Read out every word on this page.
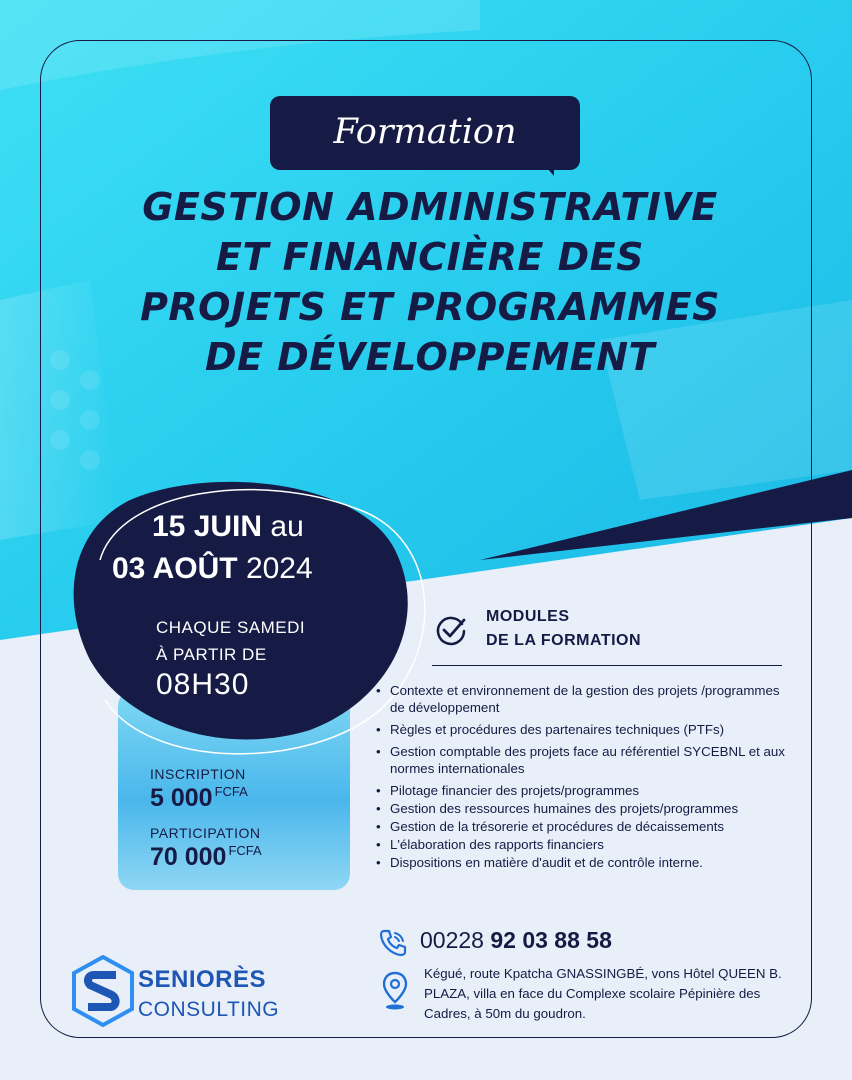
Formation
GESTION ADMINISTRATIVE
ET FINANCIÈRE DES
PROJETS ET PROGRAMMES
DE DÉVELOPPEMENT
15 JUIN au
03 AOÛT 2024
CHAQUE SAMEDI
À PARTIR DE
08H30
INSCRIPTION
5 000 $^{FCFA}$
PARTICIPATION
70 000 $^{FCFA}$
MODULES
DE LA FORMATION
• Contexte et environnement de la gestion des projets /programmes de développement
• Règles et procédures des partenaires techniques (PTFs)
• Gestion comptable des projets face au référentiel SYCEBNL et aux normes internationales
• Pilotage financier des projets/programmes
• Gestion des ressources humaines des projets/programmes
• Gestion de la trésorerie et procédures de décaissements
• L'élaboration des rapports financiers
• Dispositions en matière d'audit et de contrôle interne.
00228 92 03 88 58
Kégué, route Kpatcha GNASSINGBÉ, vons Hôtel QUEEN B. PLAZA, villa en face du Complexe scolaire Pépinière des Cadres, à 50m du goudron.
SENIORÈS
CONSULTING
